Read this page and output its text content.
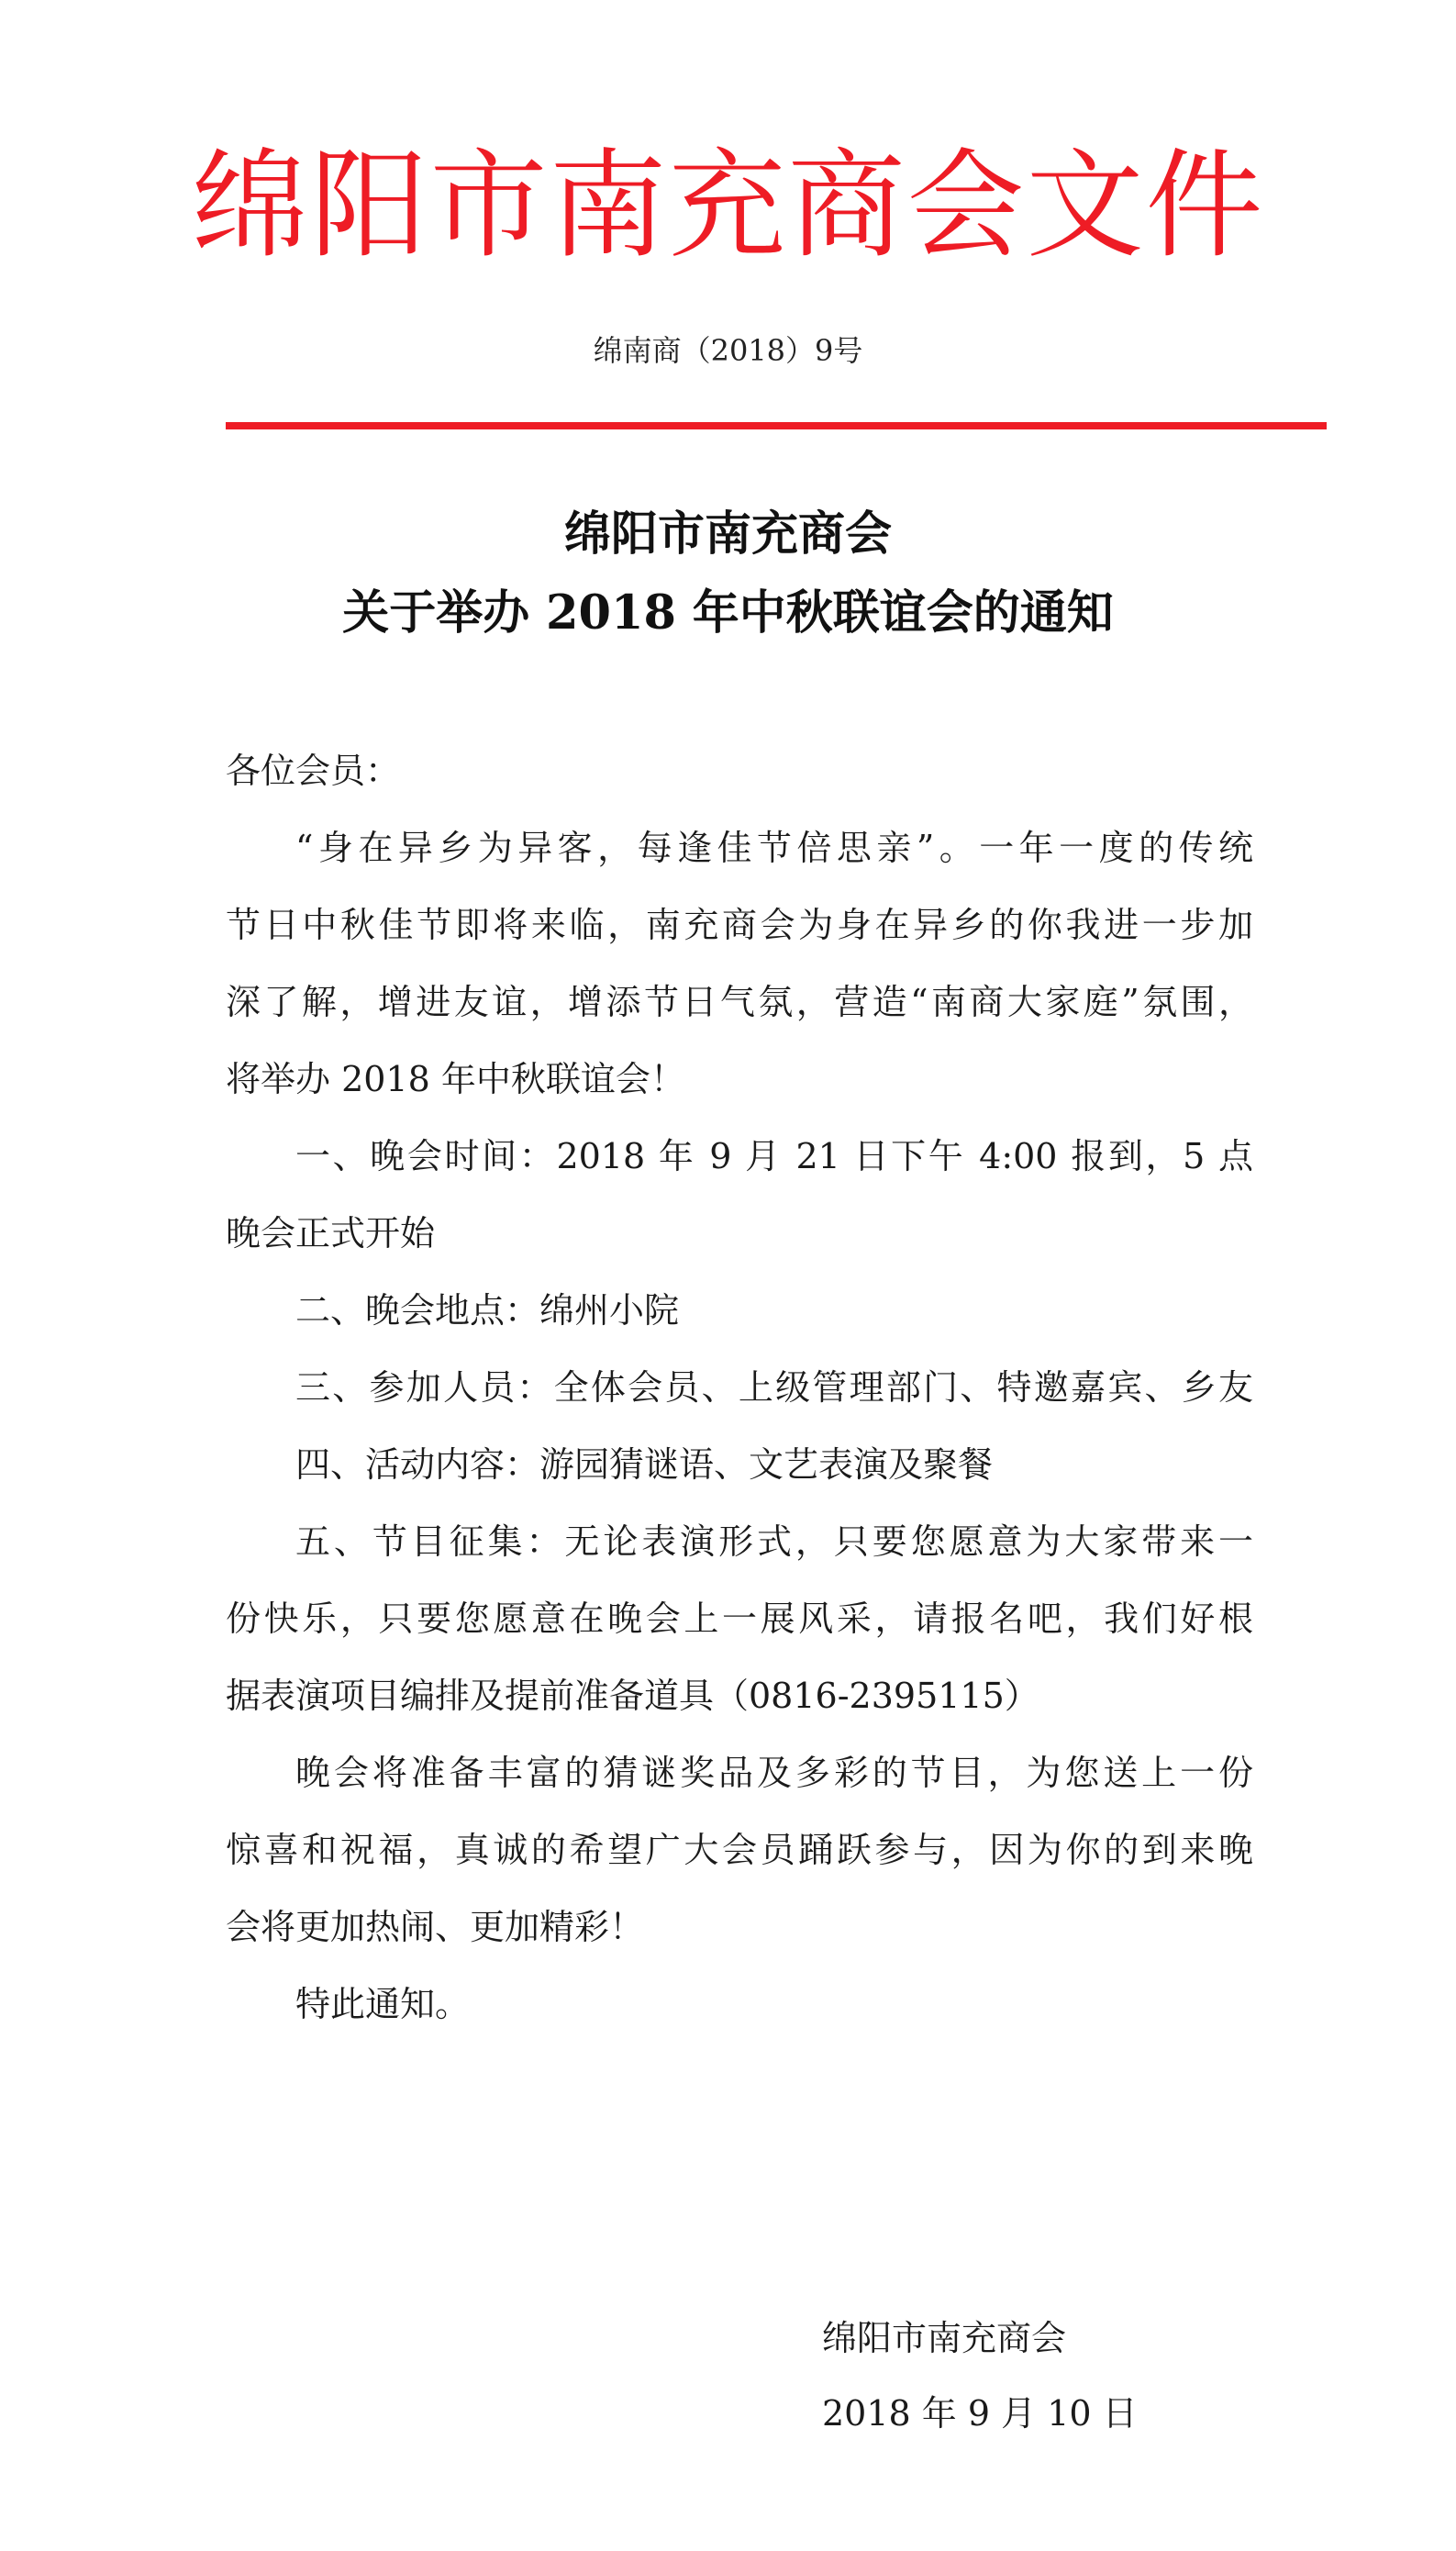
绵阳市南充商会文件
绵南商（2018）9号
绵阳市南充商会
关于举办 2018 年中秋联谊会的通知
各位会员：
“身在异乡为异客，每逢佳节倍思亲”。一年一度的传统
节日中秋佳节即将来临，南充商会为身在异乡的你我进一步加
深了解，增进友谊，增添节日气氛，营造“南商大家庭”氛围，
将举办 2018 年中秋联谊会！
一、晚会时间：2018 年 9 月 21 日下午 4:00 报到，5 点
晚会正式开始
二、晚会地点：绵州小院
三、参加人员：全体会员、上级管理部门、特邀嘉宾、乡友
四、活动内容：游园猜谜语、文艺表演及聚餐
五、节目征集：无论表演形式，只要您愿意为大家带来一
份快乐，只要您愿意在晚会上一展风采，请报名吧，我们好根
据表演项目编排及提前准备道具（0816-2395115）
晚会将准备丰富的猜谜奖品及多彩的节目，为您送上一份
惊喜和祝福，真诚的希望广大会员踊跃参与，因为你的到来晚
会将更加热闹、更加精彩！
特此通知。
绵阳市南充商会
2018 年 9 月 10 日
